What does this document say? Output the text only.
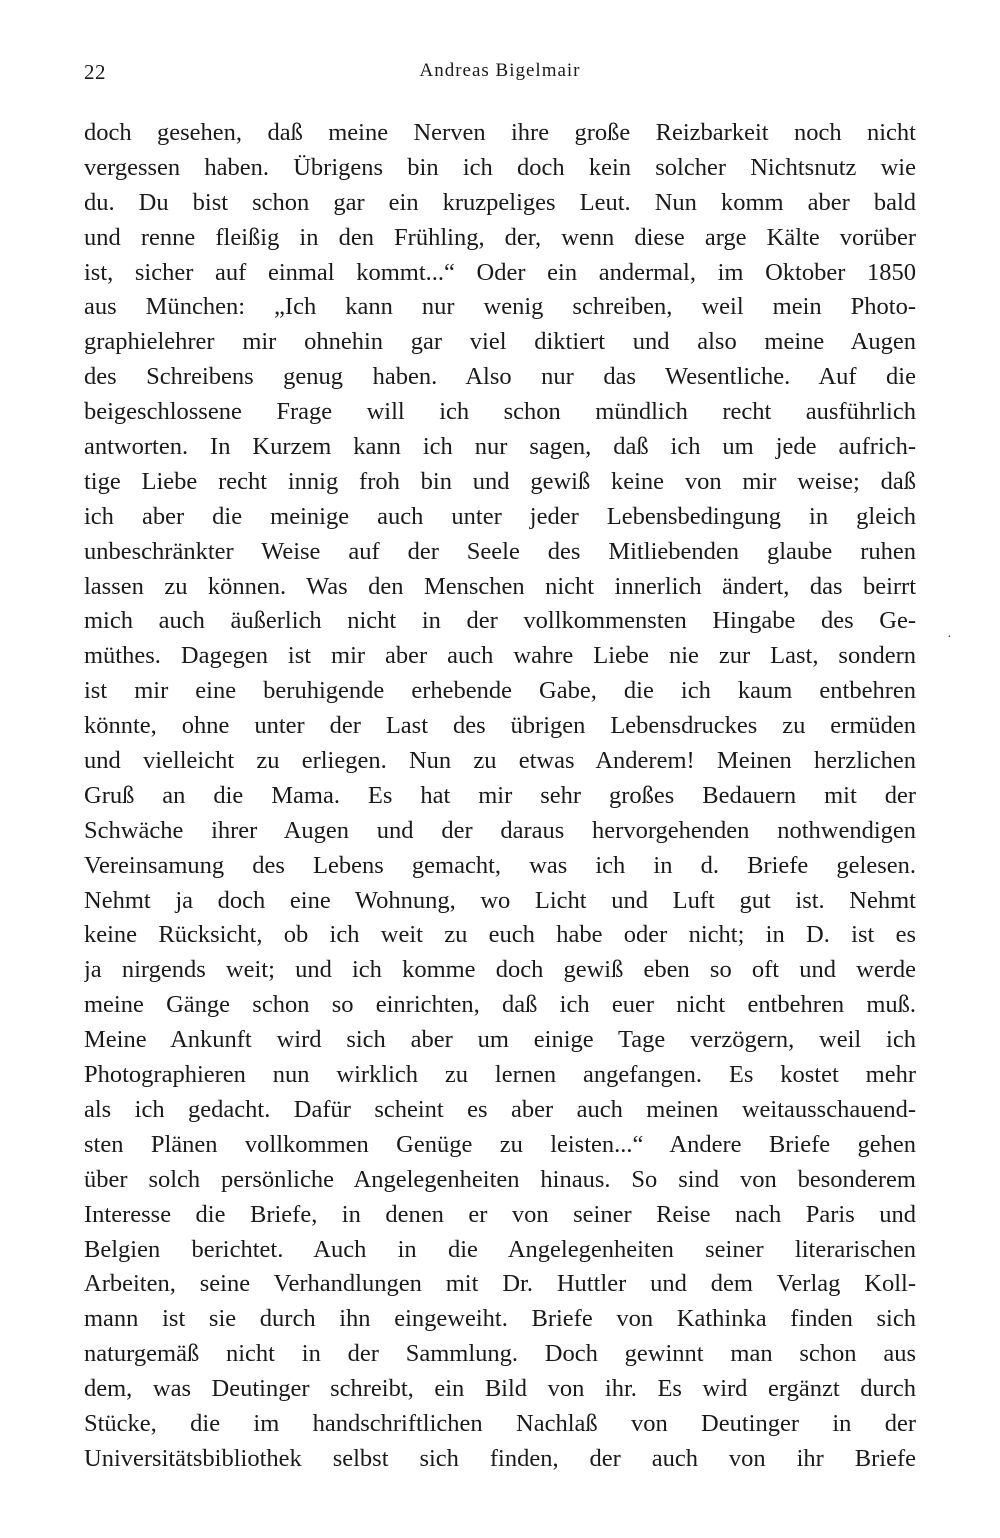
22	Andreas Bigelmair
·
doch gesehen, daß meine Nerven ihre große Reizbarkeit noch nicht
vergessen haben. Übrigens bin ich doch kein solcher Nichtsnutz wie
du. Du bist schon gar ein kruzpeliges Leut. Nun komm aber bald
und renne fleißig in den Frühling, der, wenn diese arge Kälte vorüber
ist, sicher auf einmal kommt...“ Oder ein andermal, im Oktober 1850
aus München: „Ich kann nur wenig schreiben, weil mein Photo-
graphielehrer mir ohnehin gar viel diktiert und also meine Augen
des Schreibens genug haben. Also nur das Wesentliche. Auf die
beigeschlossene Frage will ich schon mündlich recht ausführlich
antworten. In Kurzem kann ich nur sagen, daß ich um jede aufrich-
tige Liebe recht innig froh bin und gewiß keine von mir weise; daß
ich aber die meinige auch unter jeder Lebensbedingung in gleich
unbeschränkter Weise auf der Seele des Mitliebenden glaube ruhen
lassen zu können. Was den Menschen nicht innerlich ändert, das beirrt
mich auch äußerlich nicht in der vollkommensten Hingabe des Ge-
müthes. Dagegen ist mir aber auch wahre Liebe nie zur Last, sondern
ist mir eine beruhigende erhebende Gabe, die ich kaum entbehren
könnte, ohne unter der Last des übrigen Lebensdruckes zu ermüden
und vielleicht zu erliegen. Nun zu etwas Anderem! Meinen herzlichen
Gruß an die Mama. Es hat mir sehr großes Bedauern mit der
Schwäche ihrer Augen und der daraus hervorgehenden nothwendigen
Vereinsamung des Lebens gemacht, was ich in d. Briefe gelesen.
Nehmt ja doch eine Wohnung, wo Licht und Luft gut ist. Nehmt
keine Rücksicht, ob ich weit zu euch habe oder nicht; in D. ist es
ja nirgends weit; und ich komme doch gewiß eben so oft und werde
meine Gänge schon so einrichten, daß ich euer nicht entbehren muß.
Meine Ankunft wird sich aber um einige Tage verzögern, weil ich
Photographieren nun wirklich zu lernen angefangen. Es kostet mehr
als ich gedacht. Dafür scheint es aber auch meinen weitausschauend-
sten Plänen vollkommen Genüge zu leisten...“ Andere Briefe gehen
über solch persönliche Angelegenheiten hinaus. So sind von besonderem
Interesse die Briefe, in denen er von seiner Reise nach Paris und
Belgien berichtet. Auch in die Angelegenheiten seiner literarischen
Arbeiten, seine Verhandlungen mit Dr. Huttler und dem Verlag Koll-
mann ist sie durch ihn eingeweiht. Briefe von Kathinka finden sich
naturgemäß nicht in der Sammlung. Doch gewinnt man schon aus
dem, was Deutinger schreibt, ein Bild von ihr. Es wird ergänzt durch
Stücke, die im handschriftlichen Nachlaß von Deutinger in der
Universitätsbibliothek selbst sich finden, der auch von ihr Briefe
